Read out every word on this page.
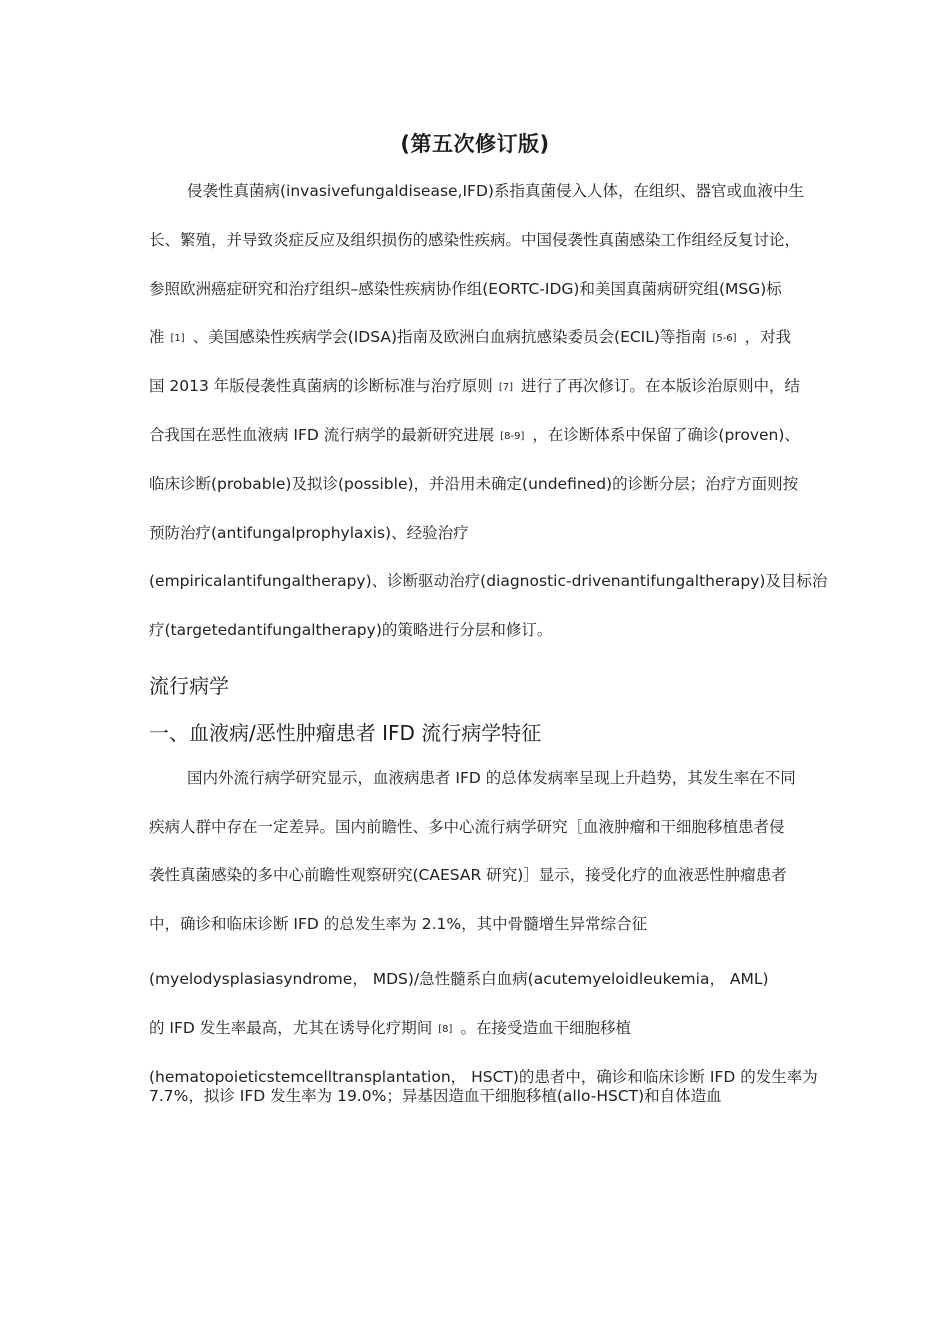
(第五次修订版)
侵袭性真菌病(invasivefungaldisease,IFD)系指真菌侵入人体，在组织、器官或血液中生
长、繁殖，并导致炎症反应及组织损伤的感染性疾病。中国侵袭性真菌感染工作组经反复讨论，
参照欧洲癌症研究和治疗组织–感染性疾病协作组(EORTC-IDG)和美国真菌病研究组(MSG)标
准 [1] 、美国感染性疾病学会(IDSA)指南及欧洲白血病抗感染委员会(ECIL)等指南 [5-6] ，对我
国 2013 年版侵袭性真菌病的诊断标准与治疗原则 [7] 进行了再次修订。在本版诊治原则中，结
合我国在恶性血液病 IFD 流行病学的最新研究进展 [8-9] ，在诊断体系中保留了确诊(proven)、
临床诊断(probable)及拟诊(possible)，并沿用未确定(undefined)的诊断分层；治疗方面则按
预防治疗(antifungalprophylaxis)、经验治疗
(empiricalantifungaltherapy)、诊断驱动治疗(diagnostic-drivenantifungaltherapy)及目标治
疗(targetedantifungaltherapy)的策略进行分层和修订。
流行病学
一、血液病/恶性肿瘤患者 IFD 流行病学特征
国内外流行病学研究显示，血液病患者 IFD 的总体发病率呈现上升趋势，其发生率在不同
疾病人群中存在一定差异。国内前瞻性、多中心流行病学研究［血液肿瘤和干细胞移植患者侵
袭性真菌感染的多中心前瞻性观察研究(CAESAR 研究)］显示，接受化疗的血液恶性肿瘤患者
中，确诊和临床诊断 IFD 的总发生率为 2.1%，其中骨髓增生异常综合征
(myelodysplasiasyndrome， MDS)/急性髓系白血病(acutemyeloidleukemia， AML)
的 IFD 发生率最高，尤其在诱导化疗期间 [8] 。在接受造血干细胞移植
(hematopoieticstemcelltransplantation， HSCT)的患者中，确诊和临床诊断 IFD 的发生率为
7.7%，拟诊 IFD 发生率为 19.0%；异基因造血干细胞移植(allo-HSCT)和自体造血
